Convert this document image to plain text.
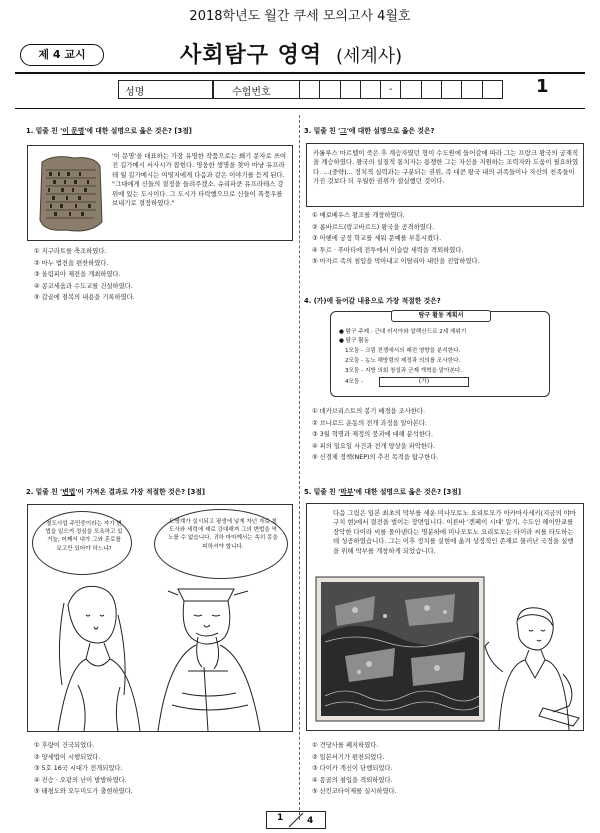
2018학년도 월간 쿠세 모의고사 4월호
제 4 교시	사회탐구 영역 (세계사)
성명	수험번호	-	1
1. 밑줄 친 '이 문명'에 대한 설명으로 옳은 것은? [3점]
'이 문명'을 대표하는 가장 유명한 작품으로는 쐐기 문자로 쓰여진 길가메시 서사시가 꼽힌다. 영웅한 생명을 찾아 마냥 유프라테 월 길가메시는 여영지에게 다음과 같은 이야기를 듣게 된다. "그대에게 신들의 결정을 들려주겠소. 슈리파쿤 유프라테스 강 위에 있는 도시이다. 그 도시가 타락했으므로 신들이 폭풍우를 보내기로 결정하였다."
① 지구라트를 축조하였다.
② 마누 법전을 편찬하였다.
③ 올림피아 제전을 개최하였다.
④ 콩코세움과 수도교를 건설하였다.
⑤ 갑골에 점복의 내용을 기록하였다.
2. 밑줄 친 '변법'이 가져온 결과로 가장 적절한 것은? [3점]
철도사업 주민중이라는 자가 변법을 일으켜 정심을 모욕하고 있거늘, 어째서 내가 그와 혼로를 보고만 있어야 하느냐?
모쌩계가 실시되고 평생에 넣게 자넌 자로 철도사와 세력에 셰로 강대해져 그의 변법을 역노를 수 없습니다. 귀하 마마께서는 속히 몽을 피하셔야 합니다.
① 후량이 건국되었다.
② 양세법이 시행되었다.
③ 5호 16국 시대가 전개되었다.
④ 진승 · 오광의 난이 발발하였다.
⑤ 태평도와 오두미도가 출현하였다.
3. 밑줄 친 '그'에 대한 설명으로 옳은 것은?
카롤루스 마르텔이 죽은 후 계승자였던 형이 수도원에 들어감에 따라 그는 프랑크 왕국의 궁재직을 계승하였다. 왕국의 실질적 통치자는 통쟁한 그는 자신을 지원하는 조력자와 도움이 필요하였다. ...(중략)... 정치적 실력과는 구분되는 권위, 즉 대쿤 왕국 내의 귀족들이나 자신의 친족들이 가진 것보다 더 우월한 권위가 절실했던 것이다.
① 메로베우스 왕조를 개창하였다.
② 롬바르드(랑고바르드) 왕국을 공격하였다.
③ 아헨에 궁정 학교를 세워 문예를 부흥시켰다.
④ 투르 · 푸아티에 전투에서 이슬람 세력을 격퇴하였다.
⑤ 마자르 족의 침입을 막아내고 이탈리아 내란을 진압하였다.
4. (가)에 들어갈 내용으로 가장 적절한 것은?
탐구 활동 계획서
● 탐구 주제 : 근대 러시아와 알렉산드르 2세 재위기
● 탐구 활동
1모둠 - 크림 전쟁에서의 패전 영향을 분석한다.
2모둠 - 농노 해방령의 제정과 의의를 조사한다.
3모둠 - 지방 의회 창설과 군제 개혁을 알아본다.
4모둠 -	(가)
① 데카브리스트의 봉기 배경을 조사한다.
② 브나로드 운동의 전개 과정을 알아본다.
③ 3월 혁명과 제정의 붕괴에 대해 분석한다.
④ 피의 일요일 사건과 전개 양상을 파악한다.
⑤ 신경제 정책(NEP)의 추진 목적을 탐구한다.
5. 밑줄 친 '막부'에 대한 설명으로 옳은 것은? [3점]
다음 그림은 일본 최초의 막부를 세운 미나모토노 요리토모가 아카마사세키(지금의 야마구치 현)에서 결전을 벌이는 장면입니다. 이른바 '겐페이 시대' 말기, 수도인 헤이안쿄를 장악한 다이라 씨를 몰아낸다는 명분하에 미나모토노 요리토모는 타이라 씨를 타도하는 데 성공하였습니다. 그는 이후 정치를 실현에 옮겨 상징적인 존재로 물러난 국정을 실행을 위해 막부를 개창하게 되었습니다.
① 견당사를 폐지하였다.
② 일본서기가 편찬되었다.
③ 다이카 개신이 단행되었다.
④ 몽골의 침입을 격퇴하였다.
⑤ 산킨코타이제를 실시하였다.
1	4
